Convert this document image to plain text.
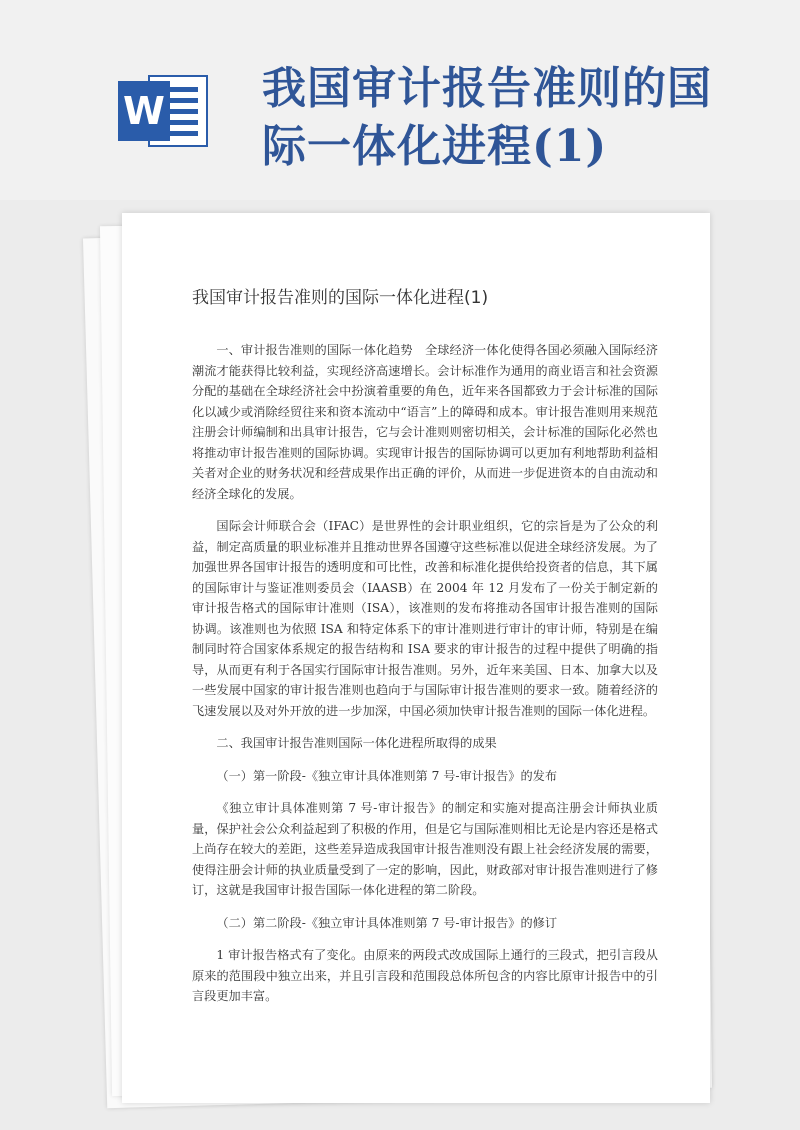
W 我国审计报告准则的国际一体化进程(1)
我国审计报告准则的国际一体化进程(1)

一、审计报告准则的国际一体化趋势　全球经济一体化使得各国必须融入国际经济潮流才能获得比较利益，实现经济高速增长。会计标准作为通用的商业语言和社会资源分配的基础在全球经济社会中扮演着重要的角色，近年来各国都致力于会计标准的国际化以减少或消除经贸往来和资本流动中“语言”上的障碍和成本。审计报告准则用来规范注册会计师编制和出具审计报告，它与会计准则则密切相关，会计标准的国际化必然也将推动审计报告准则的国际协调。实现审计报告的国际协调可以更加有利地帮助利益相关者对企业的财务状况和经营成果作出正确的评价，从而进一步促进资本的自由流动和经济全球化的发展。

国际会计师联合会（IFAC）是世界性的会计职业组织，它的宗旨是为了公众的利益，制定高质量的职业标准并且推动世界各国遵守这些标准以促进全球经济发展。为了加强世界各国审计报告的透明度和可比性，改善和标准化提供给投资者的信息，其下属的国际审计与鉴证准则委员会（IAASB）在 2004 年 12 月发布了一份关于制定新的审计报告格式的国际审计准则（ISA），该准则的发布将推动各国审计报告准则的国际协调。该准则也为依照 ISA 和特定体系下的审计准则进行审计的审计师，特别是在编制同时符合国家体系规定的报告结构和 ISA 要求的审计报告的过程中提供了明确的指导，从而更有利于各国实行国际审计报告准则。另外，近年来美国、日本、加拿大以及一些发展中国家的审计报告准则也趋向于与国际审计报告准则的要求一致。随着经济的飞速发展以及对外开放的进一步加深，中国必须加快审计报告准则的国际一体化进程。

二、我国审计报告准则国际一体化进程所取得的成果

（一）第一阶段-《独立审计具体准则第 7 号-审计报告》的发布

《独立审计具体准则第 7 号-审计报告》的制定和实施对提高注册会计师执业质量，保护社会公众利益起到了积极的作用，但是它与国际准则相比无论是内容还是格式上尚存在较大的差距，这些差异造成我国审计报告准则没有跟上社会经济发展的需要，使得注册会计师的执业质量受到了一定的影响，因此，财政部对审计报告准则进行了修订，这就是我国审计报告国际一体化进程的第二阶段。

（二）第二阶段-《独立审计具体准则第 7 号-审计报告》的修订

1 审计报告格式有了变化。由原来的两段式改成国际上通行的三段式，把引言段从原来的范围段中独立出来，并且引言段和范围段总体所包含的内容比原审计报告中的引言段更加丰富。
